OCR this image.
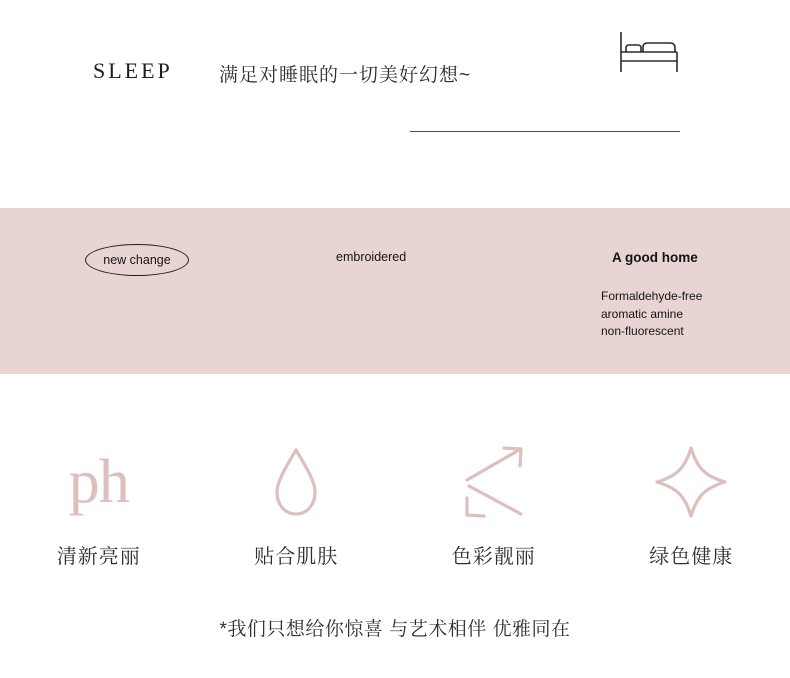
SLEEP 满足对睡眠的一切美好幻想~
new change	embroidered	A good home
Formaldehyde-free
aromatic amine
non-fluorescent
ph
清新亮丽	贴合肌肤	色彩靓丽	绿色健康
*我们只想给你惊喜 与艺术相伴 优雅同在
